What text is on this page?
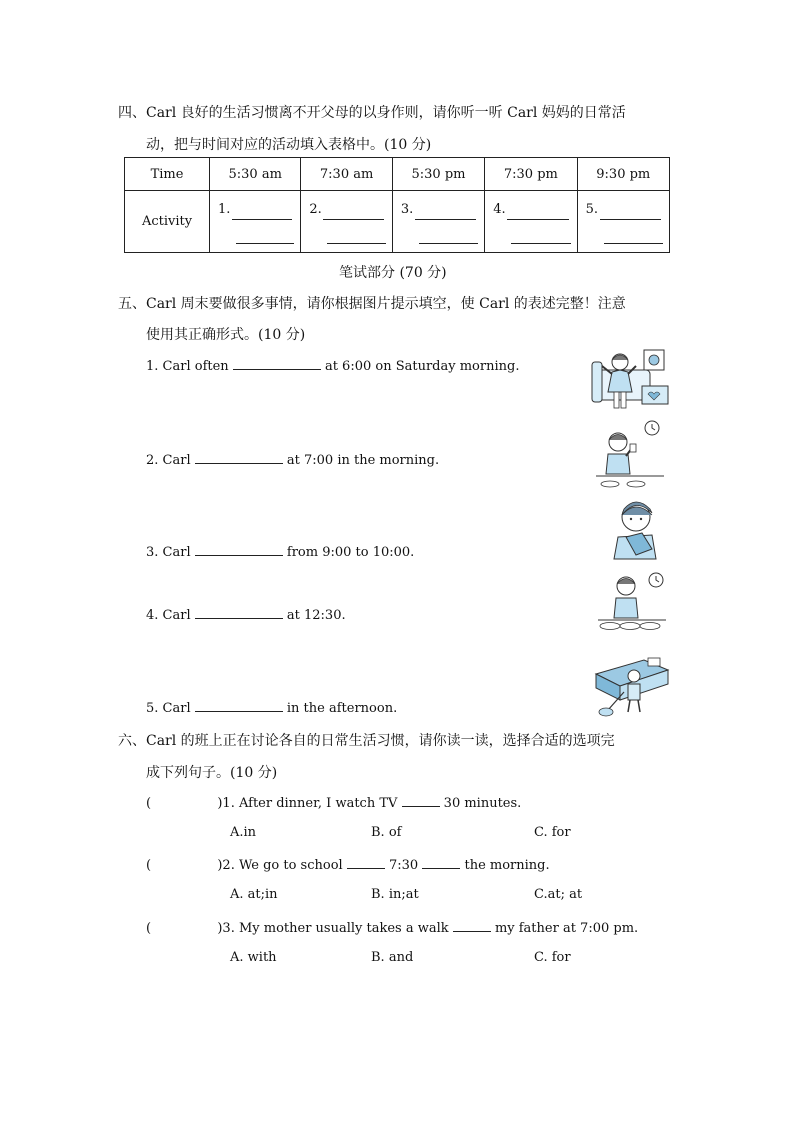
四、Carl 良好的生活习惯离不开父母的以身作则，请你听一听 Carl 妈妈的日常活
动，把与时间对应的活动填入表格中。(10 分)
Time	5:30 am	7:30 am	5:30 pm	7:30 pm	9:30 pm
Activity	1.	2.	3.	4.	5.
笔试部分 (70 分)
五、Carl 周末要做很多事情，请你根据图片提示填空，使 Carl 的表述完整！注意
使用其正确形式。(10 分)
1. Carl often	at 6:00 on Saturday morning.
2. Carl	at 7:00 in the morning.
3. Carl	from 9:00 to 10:00.
4. Carl	at 12:30.
5. Carl	in the afternoon.
六、Carl 的班上正在讨论各自的日常生活习惯，请你读一读，选择合适的选项完
成下列句子。(10 分)
(	)1. After dinner, I watch TV	30 minutes.
A.in	B. of	C. for
(	)2. We go to school	7:30	the morning.
A. at;in	B. in;at	C.at; at
(	)3. My mother usually takes a walk	my father at 7:00 pm.
A. with	B. and	C. for
